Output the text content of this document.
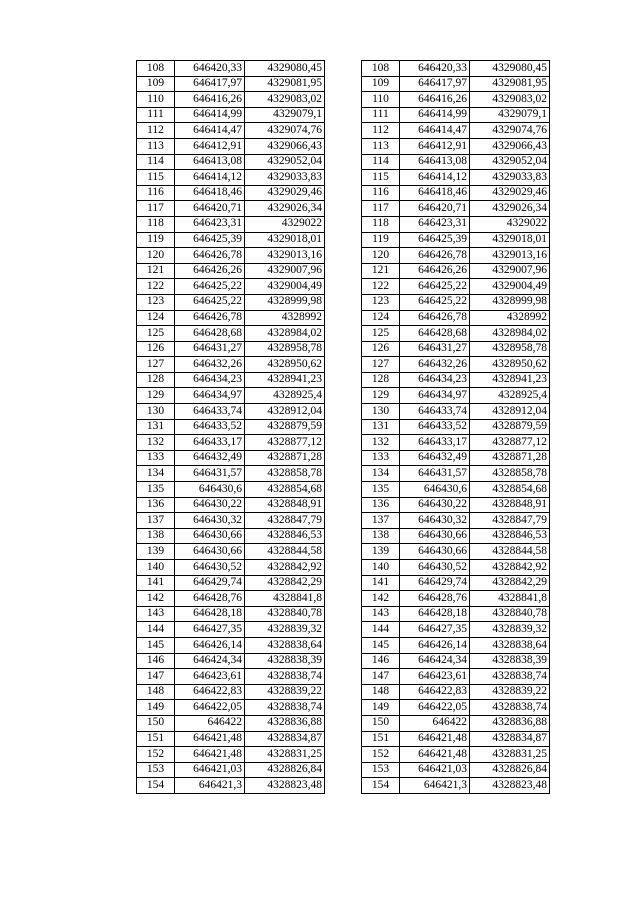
108	646420,33	4329080,45
109	646417,97	4329081,95
110	646416,26	4329083,02
111	646414,99	4329079,1
112	646414,47	4329074,76
113	646412,91	4329066,43
114	646413,08	4329052,04
115	646414,12	4329033,83
116	646418,46	4329029,46
117	646420,71	4329026,34
118	646423,31	4329022
119	646425,39	4329018,01
120	646426,78	4329013,16
121	646426,26	4329007,96
122	646425,22	4329004,49
123	646425,22	4328999,98
124	646426,78	4328992
125	646428,68	4328984,02
126	646431,27	4328958,78
127	646432,26	4328950,62
128	646434,23	4328941,23
129	646434,97	4328925,4
130	646433,74	4328912,04
131	646433,52	4328879,59
132	646433,17	4328877,12
133	646432,49	4328871,28
134	646431,57	4328858,78
135	646430,6	4328854,68
136	646430,22	4328848,91
137	646430,32	4328847,79
138	646430,66	4328846,53
139	646430,66	4328844,58
140	646430,52	4328842,92
141	646429,74	4328842,29
142	646428,76	4328841,8
143	646428,18	4328840,78
144	646427,35	4328839,32
145	646426,14	4328838,64
146	646424,34	4328838,39
147	646423,61	4328838,74
148	646422,83	4328839,22
149	646422,05	4328838,74
150	646422	4328836,88
151	646421,48	4328834,87
152	646421,48	4328831,25
153	646421,03	4328826,84
154	646421,3	4328823,48
108	646420,33	4329080,45
109	646417,97	4329081,95
110	646416,26	4329083,02
111	646414,99	4329079,1
112	646414,47	4329074,76
113	646412,91	4329066,43
114	646413,08	4329052,04
115	646414,12	4329033,83
116	646418,46	4329029,46
117	646420,71	4329026,34
118	646423,31	4329022
119	646425,39	4329018,01
120	646426,78	4329013,16
121	646426,26	4329007,96
122	646425,22	4329004,49
123	646425,22	4328999,98
124	646426,78	4328992
125	646428,68	4328984,02
126	646431,27	4328958,78
127	646432,26	4328950,62
128	646434,23	4328941,23
129	646434,97	4328925,4
130	646433,74	4328912,04
131	646433,52	4328879,59
132	646433,17	4328877,12
133	646432,49	4328871,28
134	646431,57	4328858,78
135	646430,6	4328854,68
136	646430,22	4328848,91
137	646430,32	4328847,79
138	646430,66	4328846,53
139	646430,66	4328844,58
140	646430,52	4328842,92
141	646429,74	4328842,29
142	646428,76	4328841,8
143	646428,18	4328840,78
144	646427,35	4328839,32
145	646426,14	4328838,64
146	646424,34	4328838,39
147	646423,61	4328838,74
148	646422,83	4328839,22
149	646422,05	4328838,74
150	646422	4328836,88
151	646421,48	4328834,87
152	646421,48	4328831,25
153	646421,03	4328826,84
154	646421,3	4328823,48
